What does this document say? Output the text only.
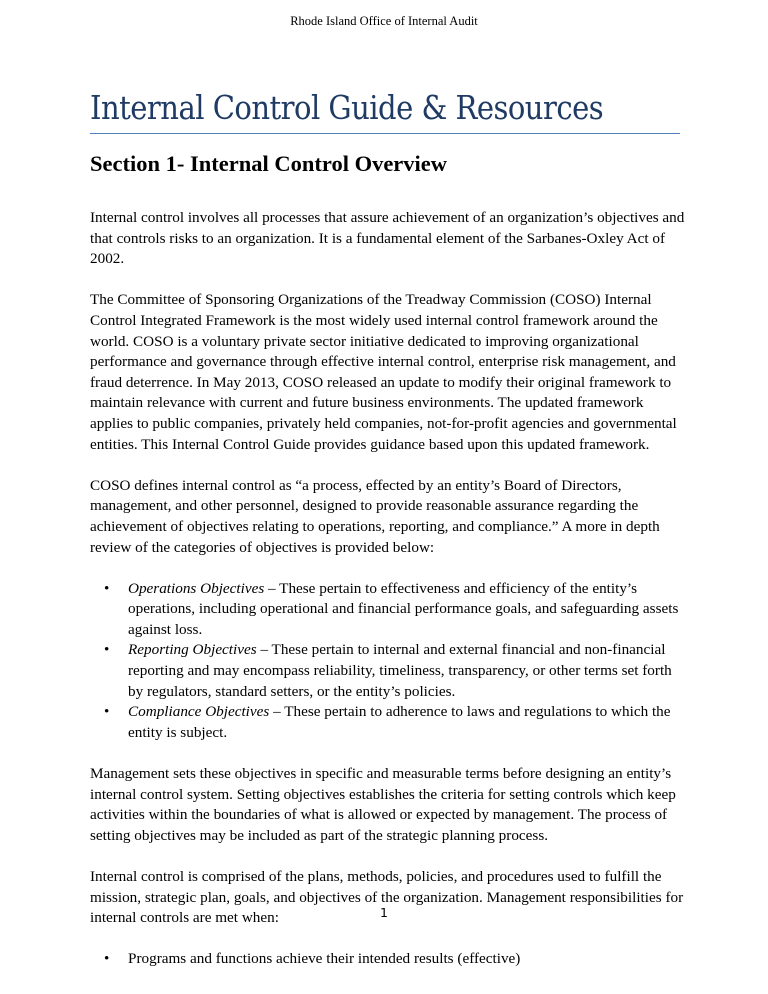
Rhode Island Office of Internal Audit
Internal Control Guide & Resources
Section 1- Internal Control Overview

Internal control involves all processes that assure achievement of an organization’s objectives and that controls risks to an organization. It is a fundamental element of the Sarbanes-Oxley Act of 2002.

The Committee of Sponsoring Organizations of the Treadway Commission (COSO) Internal Control Integrated Framework is the most widely used internal control framework around the world. COSO is a voluntary private sector initiative dedicated to improving organizational performance and governance through effective internal control, enterprise risk management, and fraud deterrence. In May 2013, COSO released an update to modify their original framework to maintain relevance with current and future business environments. The updated framework applies to public companies, privately held companies, not-for-profit agencies and governmental entities. This Internal Control Guide provides guidance based upon this updated framework.

COSO defines internal control as “a process, effected by an entity’s Board of Directors, management, and other personnel, designed to provide reasonable assurance regarding the achievement of objectives relating to operations, reporting, and compliance.” A more in depth review of the categories of objectives is provided below:

• Operations Objectives – These pertain to effectiveness and efficiency of the entity’s operations, including operational and financial performance goals, and safeguarding assets against loss.
• Reporting Objectives – These pertain to internal and external financial and non-financial reporting and may encompass reliability, timeliness, transparency, or other terms set forth by regulators, standard setters, or the entity’s policies.
• Compliance Objectives – These pertain to adherence to laws and regulations to which the entity is subject.

Management sets these objectives in specific and measurable terms before designing an entity’s internal control system. Setting objectives establishes the criteria for setting controls which keep activities within the boundaries of what is allowed or expected by management. The process of setting objectives may be included as part of the strategic planning process.

Internal control is comprised of the plans, methods, policies, and procedures used to fulfill the mission, strategic plan, goals, and objectives of the organization. Management responsibilities for internal controls are met when:

• Programs and functions achieve their intended results (effective)
1
